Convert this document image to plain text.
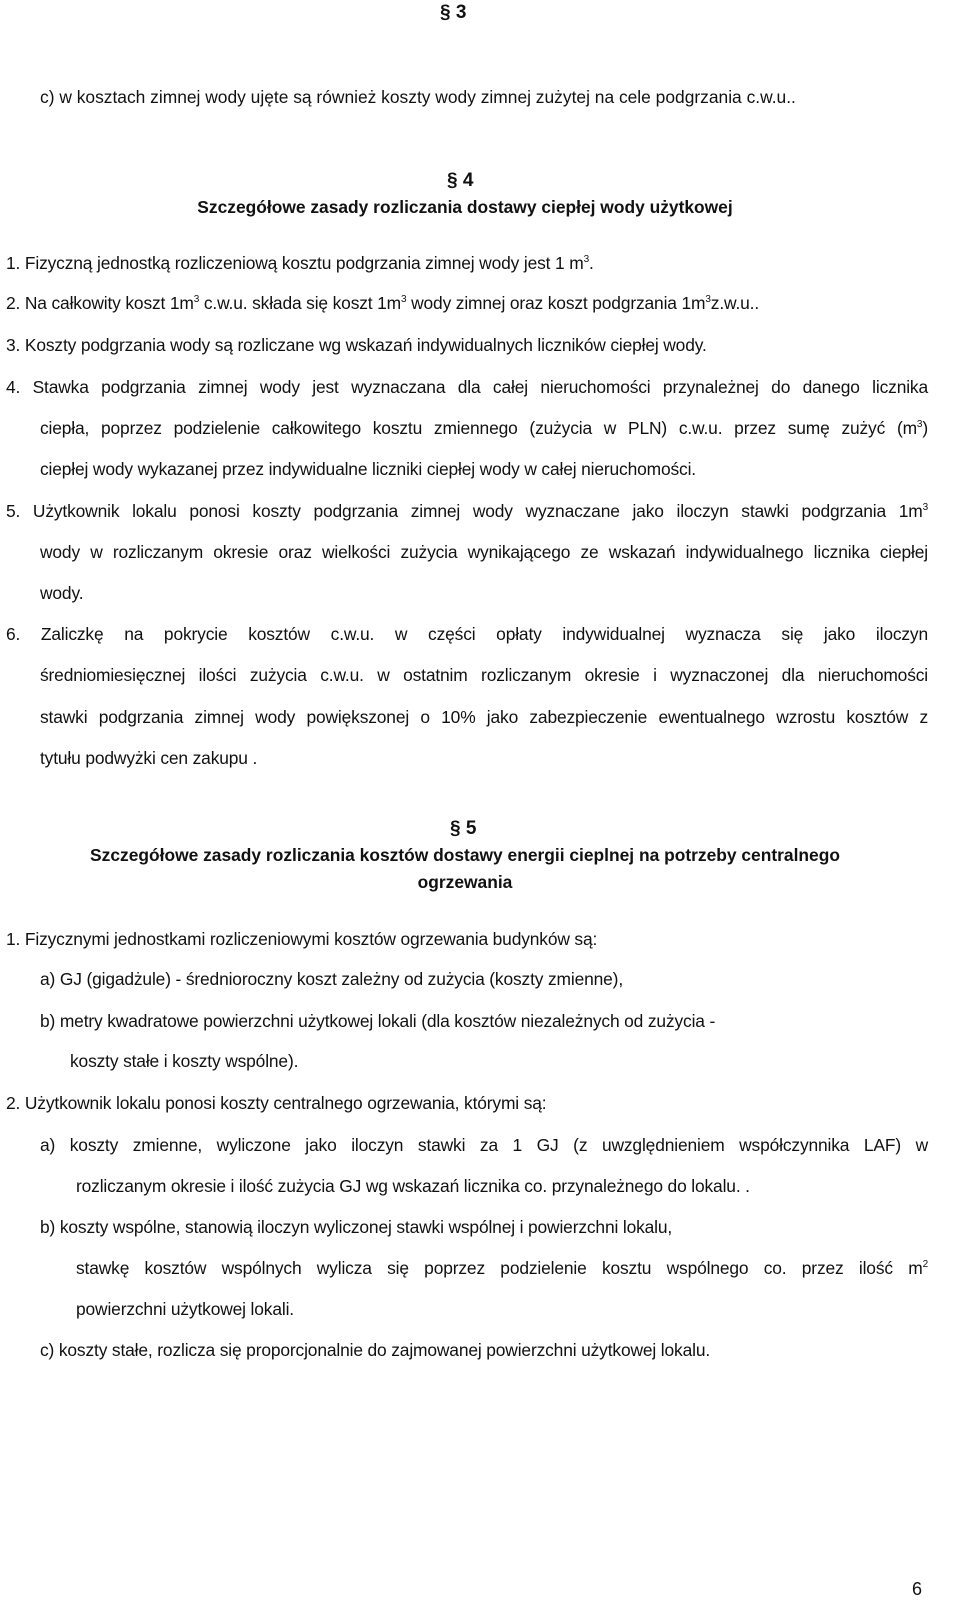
§ 3
c) w kosztach zimnej wody ujęte są również koszty wody zimnej zużytej na cele podgrzania c.w.u..
§ 4
Szczegółowe zasady rozliczania dostawy ciepłej wody użytkowej
1. Fizyczną jednostką rozliczeniową kosztu podgrzania zimnej wody jest 1 $m^3$.
2. Na całkowity koszt $1m^3$ c.w.u. składa się koszt $1m^3$ wody zimnej oraz koszt podgrzania $1m^3z.w.u$..
3. Koszty podgrzania wody są rozliczane wg wskazań indywidualnych liczników ciepłej wody.
4. Stawka podgrzania zimnej wody jest wyznaczana dla całej nieruchomości przynależnej do danego licznika
ciepła, poprzez podzielenie całkowitego kosztu zmiennego (zużycia w PLN) c.w.u. przez sumę zużyć $(m^3)$
ciepłej wody wykazanej przez indywidualne liczniki ciepłej wody w całej nieruchomości.
5. Użytkownik lokalu ponosi koszty podgrzania zimnej wody wyznaczane jako iloczyn stawki podgrzania $1m^3$
wody w rozliczanym okresie oraz wielkości zużycia wynikającego ze wskazań indywidualnego licznika ciepłej
wody.
6. Zaliczkę na pokrycie kosztów c.w.u. w części opłaty indywidualnej wyznacza się jako iloczyn
średniomiesięcznej ilości zużycia c.w.u. w ostatnim rozliczanym okresie i wyznaczonej dla nieruchomości
stawki podgrzania zimnej wody powiększonej o 10% jako zabezpieczenie ewentualnego wzrostu kosztów z
tytułu podwyżki cen zakupu .
§ 5
Szczegółowe zasady rozliczania kosztów dostawy energii cieplnej na potrzeby centralnego
ogrzewania
1. Fizycznymi jednostkami rozliczeniowymi kosztów ogrzewania budynków są:
a) GJ (gigadżule) - średnioroczny koszt zależny od zużycia (koszty zmienne),
b) metry kwadratowe powierzchni użytkowej lokali (dla kosztów niezależnych od zużycia -
koszty stałe i koszty wspólne).
2. Użytkownik lokalu ponosi koszty centralnego ogrzewania, którymi są:
a) koszty zmienne, wyliczone jako iloczyn stawki za 1 GJ (z uwzględnieniem współczynnika LAF) w
rozliczanym okresie i ilość zużycia GJ wg wskazań licznika co. przynależnego do lokalu. .
b) koszty wspólne, stanowią iloczyn wyliczonej stawki wspólnej i powierzchni lokalu,
stawkę kosztów wspólnych wylicza się poprzez podzielenie kosztu wspólnego co. przez ilość $m^2$
powierzchni użytkowej lokali.
c) koszty stałe, rozlicza się proporcjonalnie do zajmowanej powierzchni użytkowej lokalu.
6
